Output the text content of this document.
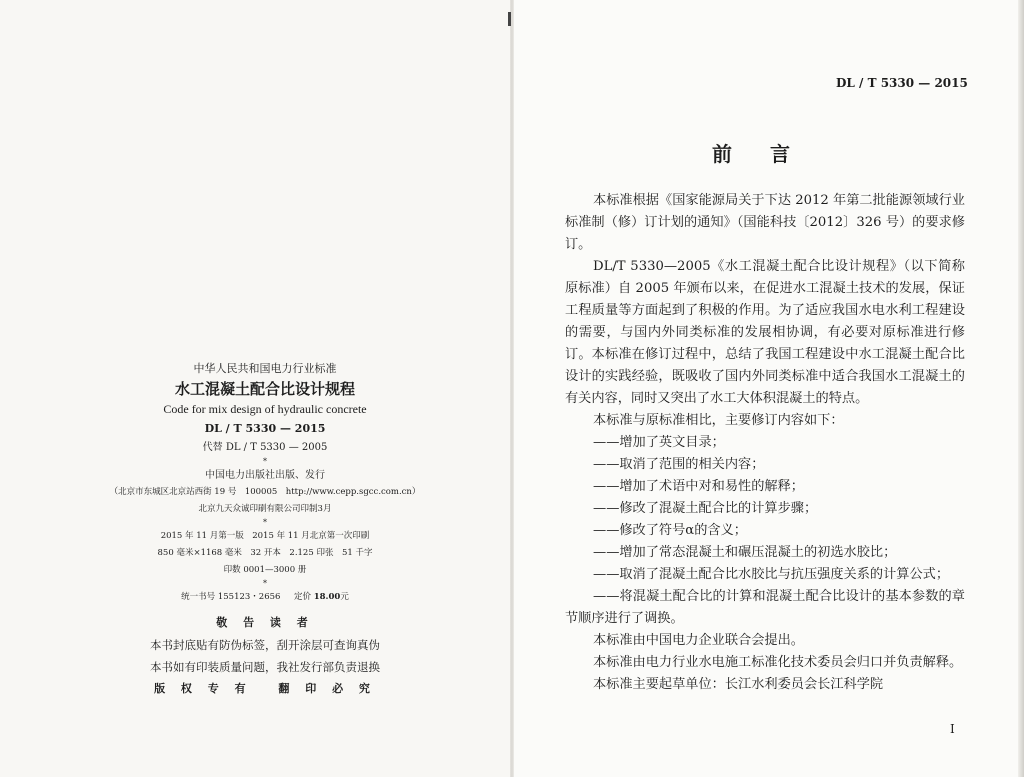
中华人民共和国电力行业标准
水工混凝土配合比设计规程
Code for mix design of hydraulic concrete
DL / T 5330 — 2015
代替 DL / T 5330 — 2005
*
中国电力出版社出版、发行
（北京市东城区北京站西街 19 号　100005　http://www.cepp.sgcc.com.cn）
北京九天众诚印刷有限公司印制3月
*
2015 年 11 月第一版　2015 年 11 月北京第一次印刷
850 毫米×1168 毫米　32 开本　2.125 印张　51 千字
印数 0001—3000 册
*
统一书号 155123・2656 定价 18.00元
敬 告 读 者
本书封底贴有防伪标签，刮开涂层可查询真伪
本书如有印装质量问题，我社发行部负责退换
版 权 专 有　 翻 印 必 究
DL / T 5330 — 2015
前言

本标准根据《国家能源局关于下达 2012 年第二批能源领域行业标准制（修）订计划的通知》（国能科技〔2012〕326 号）的要求修订。

DL/T 5330—2005《水工混凝土配合比设计规程》（以下简称原标准）自 2005 年颁布以来，在促进水工混凝土技术的发展，保证工程质量等方面起到了积极的作用。为了适应我国水电水利工程建设的需要，与国内外同类标准的发展相协调，有必要对原标准进行修订。本标准在修订过程中，总结了我国工程建设中水工混凝土配合比设计的实践经验，既吸收了国内外同类标准中适合我国水工混凝土的有关内容，同时又突出了水工大体积混凝土的特点。

本标准与原标准相比，主要修订内容如下：

——增加了英文目录；

——取消了范围的相关内容；

——增加了术语中对和易性的解释；

——修改了混凝土配合比的计算步骤；

——修改了符号α的含义；

——增加了常态混凝土和碾压混凝土的初选水胶比；

——取消了混凝土配合比水胶比与抗压强度关系的计算公式；

——将混凝土配合比的计算和混凝土配合比设计的基本参数的章节顺序进行了调换。

本标准由中国电力企业联合会提出。

本标准由电力行业水电施工标准化技术委员会归口并负责解释。

本标准主要起草单位：长江水利委员会长江科学院

I
